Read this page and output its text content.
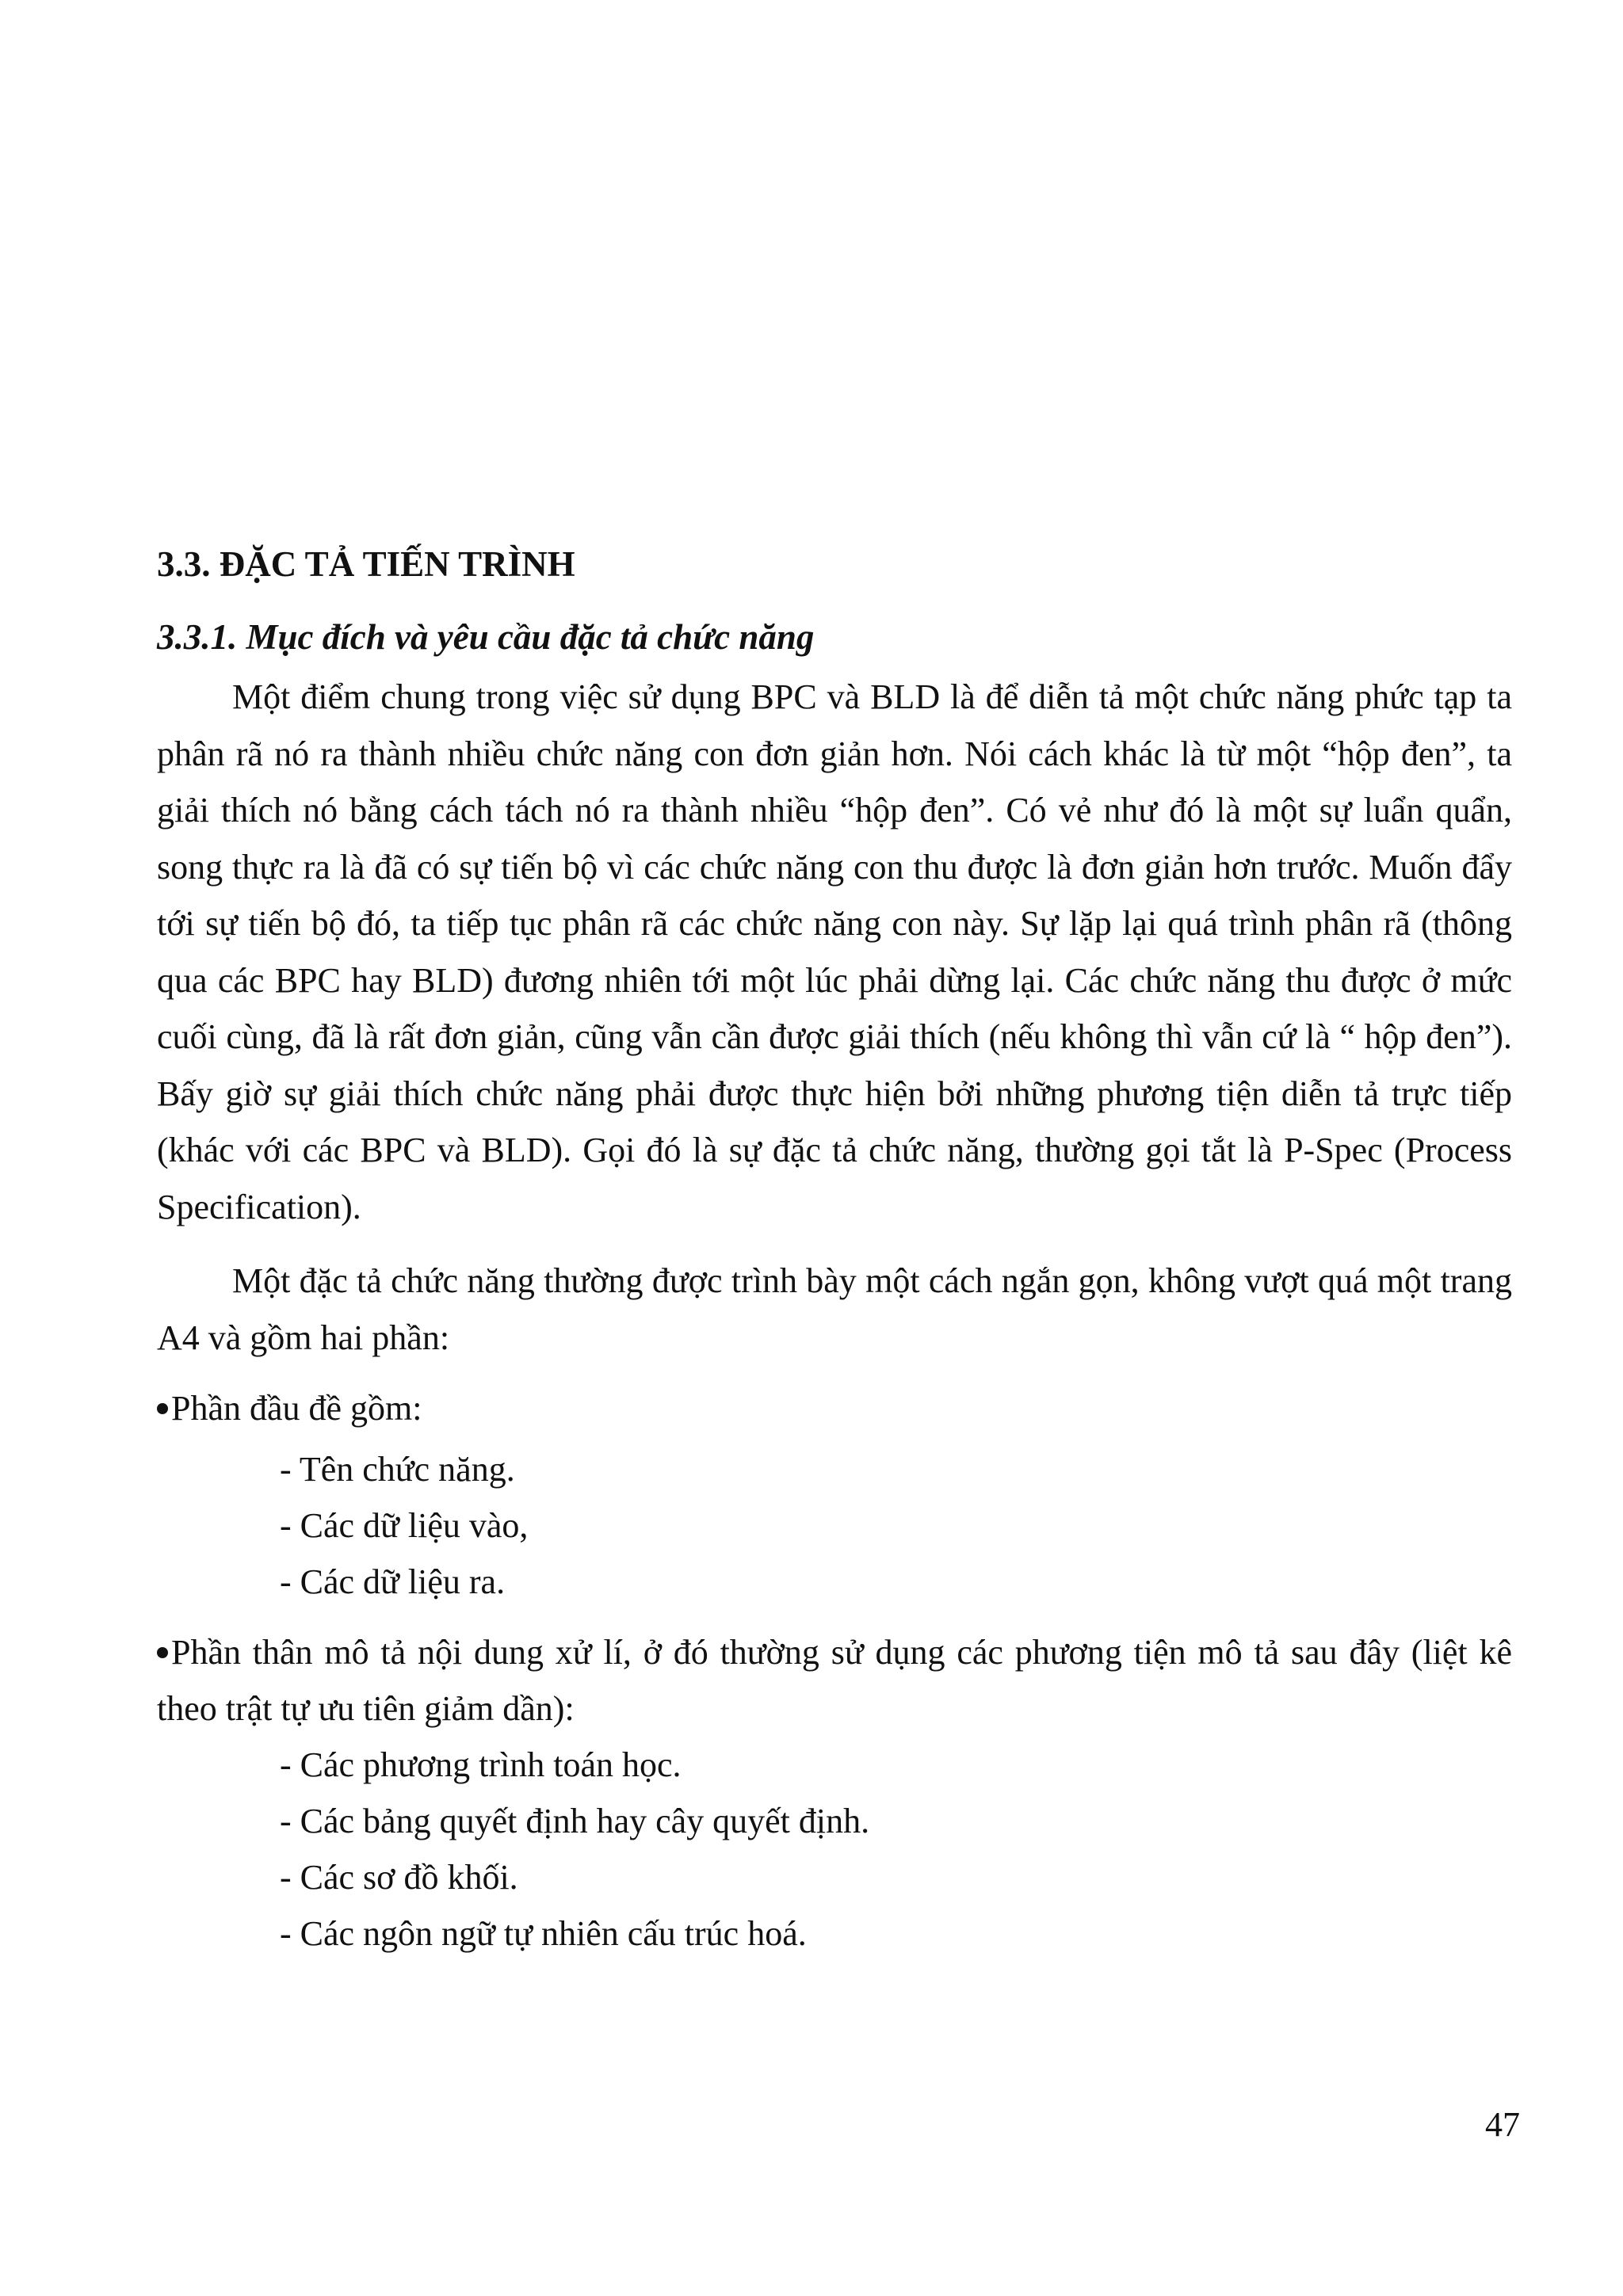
3.3. ĐẶC TẢ TIẾN TRÌNH
3.3.1. Mục đích và yêu cầu đặc tả chức năng

Một điểm chung trong việc sử dụng BPC và BLD là để diễn tả một chức năng phức tạp ta phân rã nó ra thành nhiều chức năng con đơn giản hơn. Nói cách khác là từ một “hộp đen”, ta giải thích nó bằng cách tách nó ra thành nhiều “hộp đen”. Có vẻ như đó là một sự luẩn quẩn, song thực ra là đã có sự tiến bộ vì các chức năng con thu được là đơn giản hơn trước. Muốn đẩy tới sự tiến bộ đó, ta tiếp tục phân rã các chức năng con này. Sự lặp lại quá trình phân rã (thông qua các BPC hay BLD) đương nhiên tới một lúc phải dừng lại. Các chức năng thu được ở mức cuối cùng, đã là rất đơn giản, cũng vẫn cần được giải thích (nếu không thì vẫn cứ là “ hộp đen”). Bấy giờ sự giải thích chức năng phải được thực hiện bởi những phương tiện diễn tả trực tiếp (khác với các BPC và BLD). Gọi đó là sự đặc tả chức năng, thường gọi tắt là P-Spec (Process Specification).

Một đặc tả chức năng thường được trình bày một cách ngắn gọn, không vượt quá một trang A4 và gồm hai phần:

Phần đầu đề gồm:
- Tên chức năng.
- Các dữ liệu vào,
- Các dữ liệu ra.
Phần thân mô tả nội dung xử lí, ở đó thường sử dụng các phương tiện mô tả sau đây (liệt kê theo trật tự ưu tiên giảm dần):
- Các phương trình toán học.
- Các bảng quyết định hay cây quyết định.
- Các sơ đồ khối.
- Các ngôn ngữ tự nhiên cấu trúc hoá.
47
